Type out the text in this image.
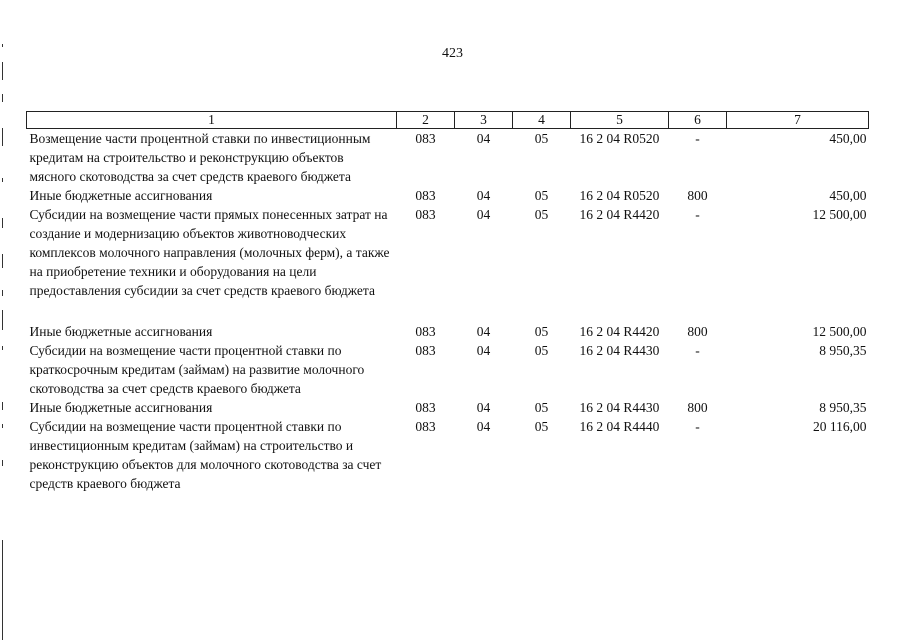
423
1	2	3	4	5	6	7
Возмещение части процентной ставки по инвестиционным кредитам на строительство и реконструкцию объектов мясного скотоводства за счет средств краевого бюджета	083	04	05	16 2 04 R0520	-	450,00
Иные бюджетные ассигнования	083	04	05	16 2 04 R0520	800	450,00
Субсидии на возмещение части прямых понесенных затрат на создание и модернизацию объектов животноводческих комплексов молочного направления (молочных ферм), а также на приобретение техники и оборудования на цели предоставления субсидии за счет средств краевого бюджета	083	04	05	16 2 04 R4420	-	12 500,00

Иные бюджетные ассигнования	083	04	05	16 2 04 R4420	800	12 500,00
Субсидии на возмещение части процентной ставки по краткосрочным кредитам (займам) на развитие молочного скотоводства за счет средств краевого бюджета	083	04	05	16 2 04 R4430	-	8 950,35
Иные бюджетные ассигнования	083	04	05	16 2 04 R4430	800	8 950,35
Субсидии на возмещение части процентной ставки по инвестиционным кредитам (займам) на строительство и реконструкцию объектов для молочного скотоводства за счет средств краевого бюджета	083	04	05	16 2 04 R4440	-	20 116,00
